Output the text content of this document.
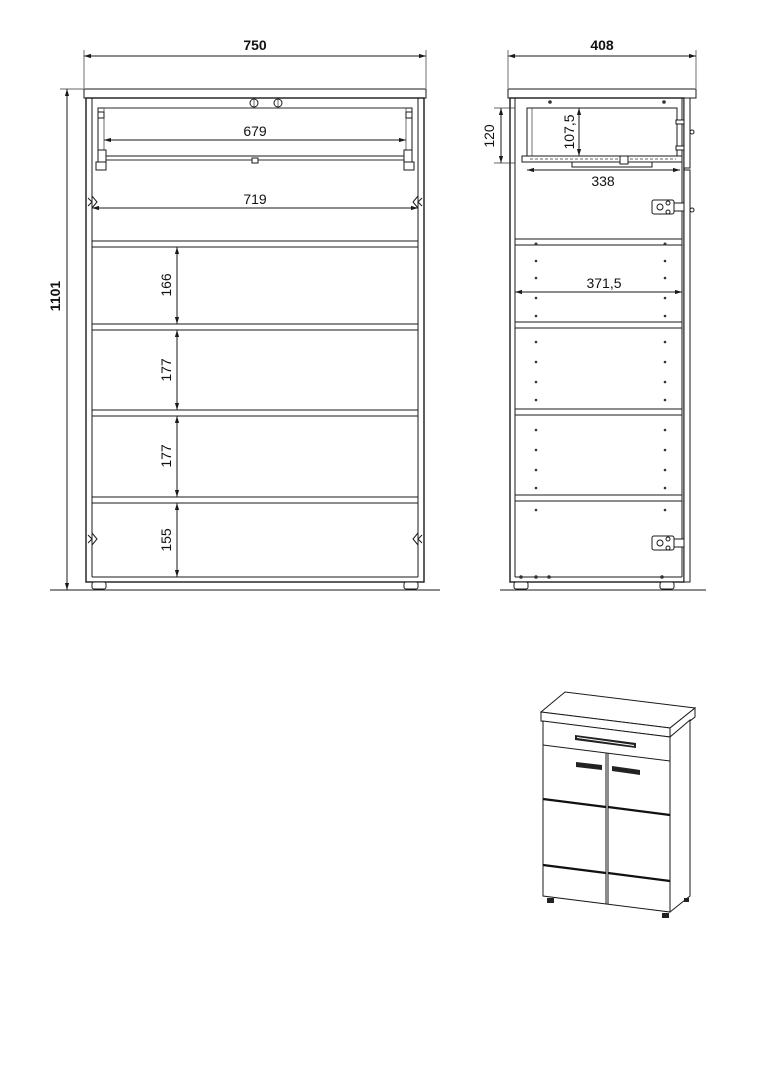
750
1101
679
719
166
177
177
155
408
120	107,5
338
371,5
